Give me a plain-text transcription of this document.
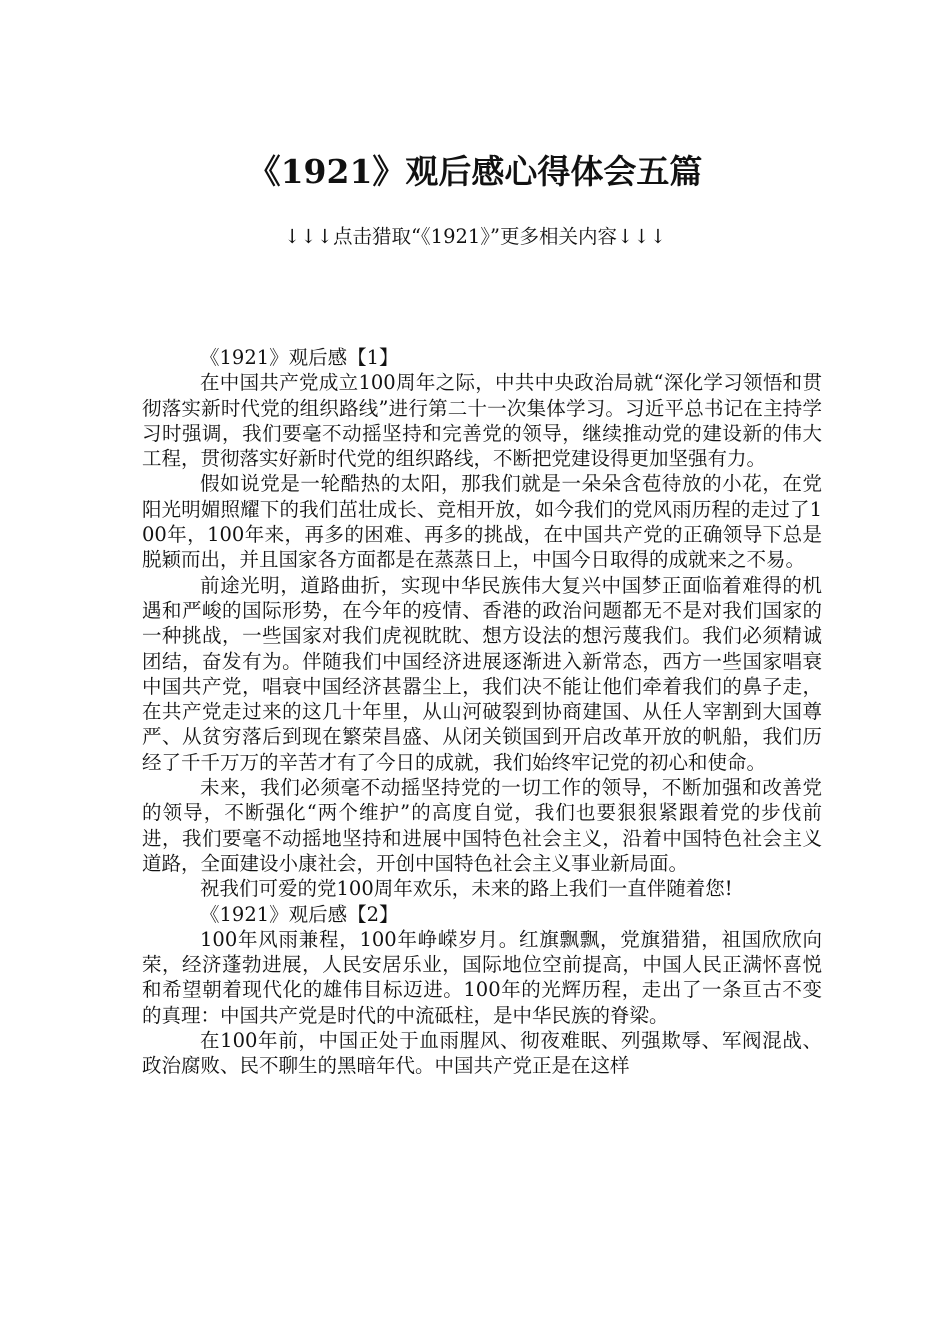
《1921》观后感心得体会五篇
↓↓↓点击猎取“《1921》”更多相关内容↓↓↓

《1921》观后感【1】

在中国共产党成立100周年之际，中共中央政治局就“深化学习领悟和贯彻落实新时代党的组织路线”进行第二十一次集体学习。习近平总书记在主持学习时强调，我们要毫不动摇坚持和完善党的领导，继续推动党的建设新的伟大工程，贯彻落实好新时代党的组织路线，不断把党建设得更加坚强有力。

假如说党是一轮酷热的太阳，那我们就是一朵朵含苞待放的小花，在党阳光明媚照耀下的我们茁壮成长、竞相开放，如今我们的党风雨历程的走过了100年，100年来，再多的困难、再多的挑战，在中国共产党的正确领导下总是脱颖而出，并且国家各方面都是在蒸蒸日上，中国今日取得的成就来之不易。

前途光明，道路曲折，实现中华民族伟大复兴中国梦正面临着难得的机遇和严峻的国际形势，在今年的疫情、香港的政治问题都无不是对我们国家的一种挑战，一些国家对我们虎视眈眈、想方设法的想污蔑我们。我们必须精诚团结，奋发有为。伴随我们中国经济进展逐渐进入新常态，西方一些国家唱衰中国共产党，唱衰中国经济甚嚣尘上，我们决不能让他们牵着我们的鼻子走，在共产党走过来的这几十年里，从山河破裂到协商建国、从任人宰割到大国尊严、从贫穷落后到现在繁荣昌盛、从闭关锁国到开启改革开放的帆船，我们历经了千千万万的辛苦才有了今日的成就，我们始终牢记党的初心和使命。

未来，我们必须毫不动摇坚持党的一切工作的领导，不断加强和改善党的领导，不断强化“两个维护”的高度自觉，我们也要狠狠紧跟着党的步伐前进，我们要毫不动摇地坚持和进展中国特色社会主义，沿着中国特色社会主义道路，全面建设小康社会，开创中国特色社会主义事业新局面。

祝我们可爱的党100周年欢乐，未来的路上我们一直伴随着您!

《1921》观后感【2】

100年风雨兼程，100年峥嵘岁月。红旗飘飘，党旗猎猎，祖国欣欣向荣，经济蓬勃进展，人民安居乐业，国际地位空前提高，中国人民正满怀喜悦和希望朝着现代化的雄伟目标迈进。100年的光辉历程，走出了一条亘古不变的真理：中国共产党是时代的中流砥柱，是中华民族的脊梁。

在100年前，中国正处于血雨腥风、彻夜难眠、列强欺辱、军阀混战、政治腐败、民不聊生的黑暗年代。中国共产党正是在这样
